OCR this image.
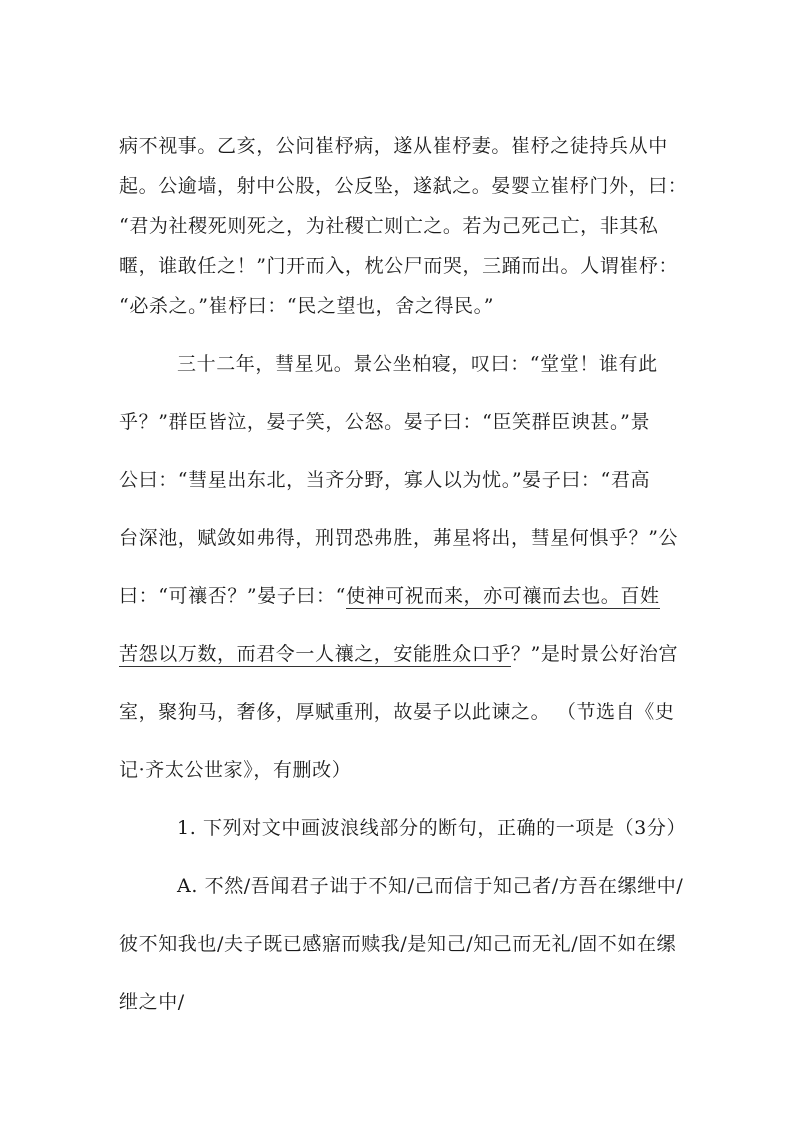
病不视事。乙亥，公问崔杼病，遂从崔杼妻。崔杼之徒持兵从中
起。公逾墙，射中公股，公反坠，遂弑之。晏婴立崔杼门外，曰：
“君为社稷死则死之，为社稷亡则亡之。若为己死己亡，非其私
暱，谁敢任之！”门开而入，枕公尸而哭，三踊而出。人谓崔杼：
“必杀之。”崔杼曰：“民之望也，舍之得民。”
三十二年，彗星见。景公坐柏寝，叹曰：“堂堂！谁有此
乎？”群臣皆泣，晏子笑，公怒。晏子曰：“臣笑群臣谀甚。”景
公曰：“彗星出东北，当齐分野，寡人以为忧。”晏子曰：“君高
台深池，赋敛如弗得，刑罚恐弗胜，茀星将出，彗星何惧乎？”公
曰：“可禳否？”晏子曰：“使神可祝而来，亦可禳而去也。百姓
苦怨以万数，而君令一人禳之，安能胜众口乎？”是时景公好治宫
室，聚狗马，奢侈，厚赋重刑，故晏子以此谏之。 （节选自《史
记·齐太公世家》，有删改）
1. 下列对文中画波浪线部分的断句，正确的一项是（3分）
A. 不然/吾闻君子诎于不知/己而信于知己者/方吾在缧绁中/
彼不知我也/夫子既已感寤而赎我/是知己/知己而无礼/固不如在缧
绁之中/
